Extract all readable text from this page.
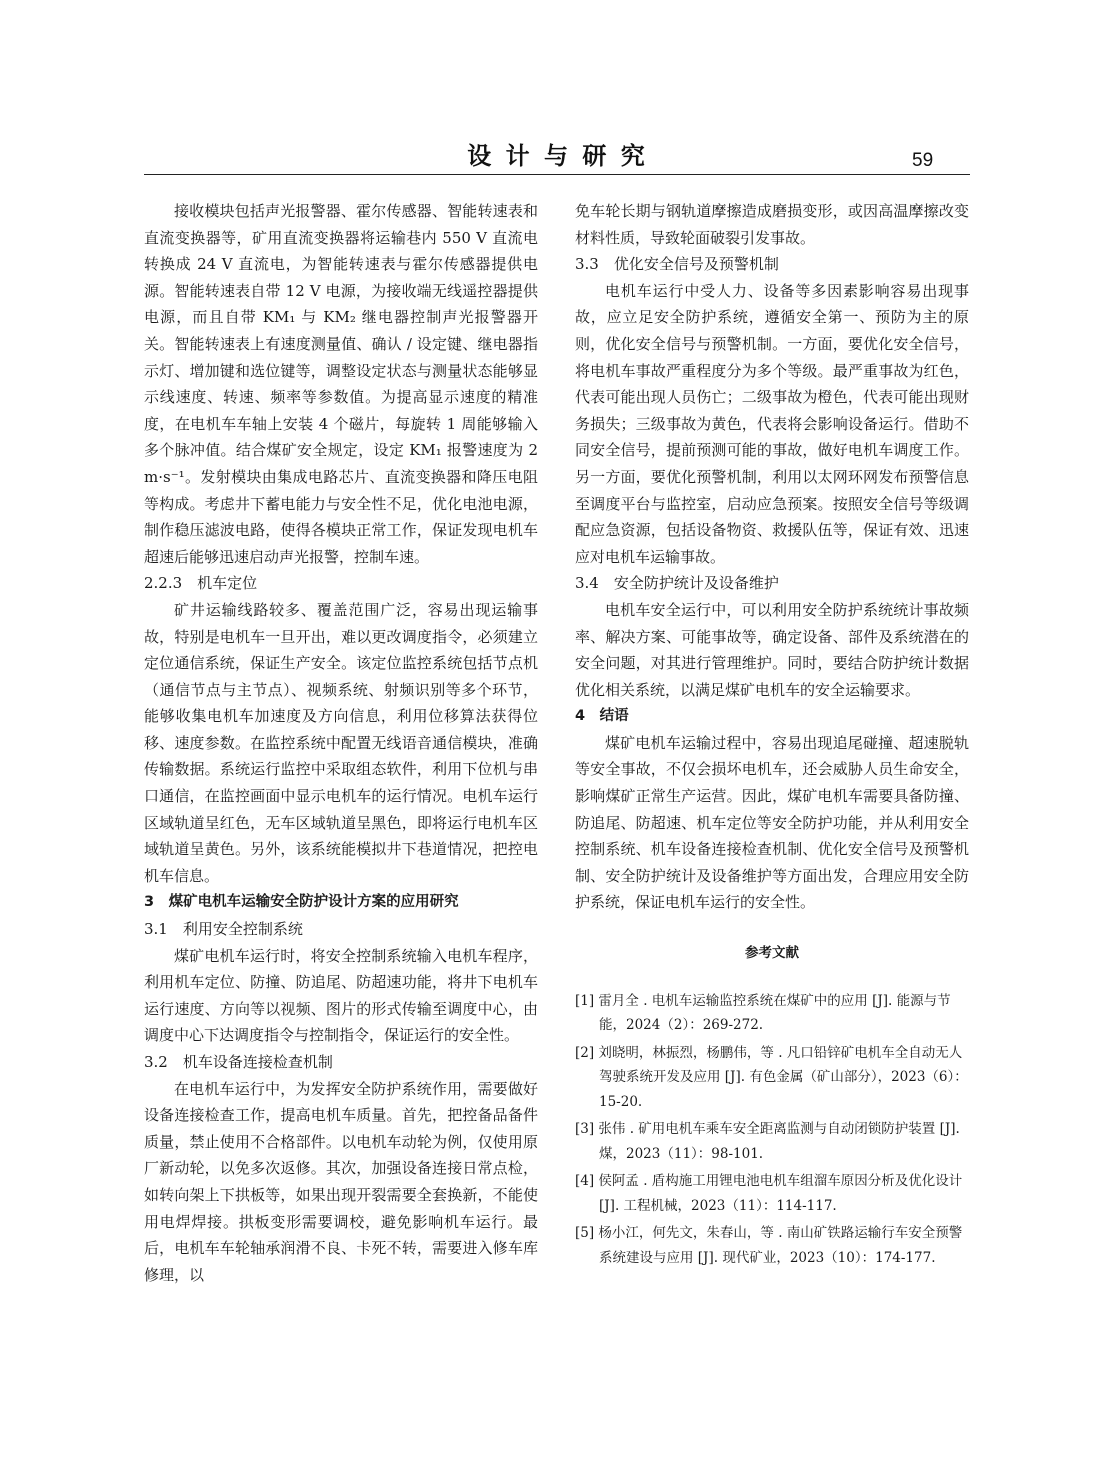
设 计 与 研 究	59

接收模块包括声光报警器、霍尔传感器、智能转速表和直流变换器等，矿用直流变换器将运输巷内 550 V 直流电转换成 24 V 直流电，为智能转速表与霍尔传感器提供电源。智能转速表自带 12 V 电源，为接收端无线遥控器提供电源，而且自带 KM₁ 与 KM₂ 继电器控制声光报警器开关。智能转速表上有速度测量值、确认 / 设定键、继电器指示灯、增加键和选位键等，调整设定状态与测量状态能够显示线速度、转速、频率等参数值。为提高显示速度的精准度，在电机车车轴上安装 4 个磁片，每旋转 1 周能够输入多个脉冲值。结合煤矿安全规定，设定 KM₁ 报警速度为 2 m·s⁻¹。发射模块由集成电路芯片、直流变换器和降压电阻等构成。考虑井下蓄电能力与安全性不足，优化电池电源，制作稳压滤波电路，使得各模块正常工作，保证发现电机车超速后能够迅速启动声光报警，控制车速。

2.2.3　机车定位

矿井运输线路较多、覆盖范围广泛，容易出现运输事故，特别是电机车一旦开出，难以更改调度指令，必须建立定位通信系统，保证生产安全。该定位监控系统包括节点机（通信节点与主节点）、视频系统、射频识别等多个环节，能够收集电机车加速度及方向信息，利用位移算法获得位移、速度参数。在监控系统中配置无线语音通信模块，准确传输数据。系统运行监控中采取组态软件，利用下位机与串口通信，在监控画面中显示电机车的运行情况。电机车运行区域轨道呈红色，无车区域轨道呈黑色，即将运行电机车区域轨道呈黄色。另外，该系统能模拟井下巷道情况，把控电机车信息。

3　煤矿电机车运输安全防护设计方案的应用研究
3.1　利用安全控制系统

煤矿电机车运行时，将安全控制系统输入电机车程序，利用机车定位、防撞、防追尾、防超速功能，将井下电机车运行速度、方向等以视频、图片的形式传输至调度中心，由调度中心下达调度指令与控制指令，保证运行的安全性。

3.2　机车设备连接检查机制

在电机车运行中，为发挥安全防护系统作用，需要做好设备连接检查工作，提高电机车质量。首先，把控备品备件质量，禁止使用不合格部件。以电机车动轮为例，仅使用原厂新动轮，以免多次返修。其次，加强设备连接日常点检，如转向架上下拱板等，如果出现开裂需要全套换新，不能使用电焊焊接。拱板变形需要调校，避免影响机车运行。最后，电机车车轮轴承润滑不良、卡死不转，需要进入修车库修理，以

免车轮长期与钢轨道摩擦造成磨损变形，或因高温摩擦改变材料性质，导致轮面破裂引发事故。
3.3　优化安全信号及预警机制

电机车运行中受人力、设备等多因素影响容易出现事故，应立足安全防护系统，遵循安全第一、预防为主的原则，优化安全信号与预警机制。一方面，要优化安全信号，将电机车事故严重程度分为多个等级。最严重事故为红色，代表可能出现人员伤亡；二级事故为橙色，代表可能出现财务损失；三级事故为黄色，代表将会影响设备运行。借助不同安全信号，提前预测可能的事故，做好电机车调度工作。另一方面，要优化预警机制，利用以太网环网发布预警信息至调度平台与监控室，启动应急预案。按照安全信号等级调配应急资源，包括设备物资、救援队伍等，保证有效、迅速应对电机车运输事故。

3.4　安全防护统计及设备维护

电机车安全运行中，可以利用安全防护系统统计事故频率、解决方案、可能事故等，确定设备、部件及系统潜在的安全问题，对其进行管理维护。同时，要结合防护统计数据优化相关系统，以满足煤矿电机车的安全运输要求。

4　结语

煤矿电机车运输过程中，容易出现追尾碰撞、超速脱轨等安全事故，不仅会损坏电机车，还会威胁人员生命安全，影响煤矿正常生产运营。因此，煤矿电机车需要具备防撞、防追尾、防超速、机车定位等安全防护功能，并从利用安全控制系统、机车设备连接检查机制、优化安全信号及预警机制、安全防护统计及设备维护等方面出发，合理应用安全防护系统，保证电机车运行的安全性。

参考文献
[1] 雷月全 . 电机车运输监控系统在煤矿中的应用 [J]. 能源与节能，2024（2）：269-272.
[2] 刘晓明，林振烈，杨鹏伟，等 . 凡口铅锌矿电机车全自动无人驾驶系统开发及应用 [J]. 有色金属（矿山部分），2023（6）：15-20.
[3] 张伟 . 矿用电机车乘车安全距离监测与自动闭锁防护装置 [J]. 煤，2023（11）：98-101.
[4] 侯阿孟 . 盾构施工用锂电池电机车组溜车原因分析及优化设计 [J]. 工程机械，2023（11）：114-117.
[5] 杨小江，何先文，朱春山，等 . 南山矿铁路运输行车安全预警系统建设与应用 [J]. 现代矿业，2023（10）：174-177.
